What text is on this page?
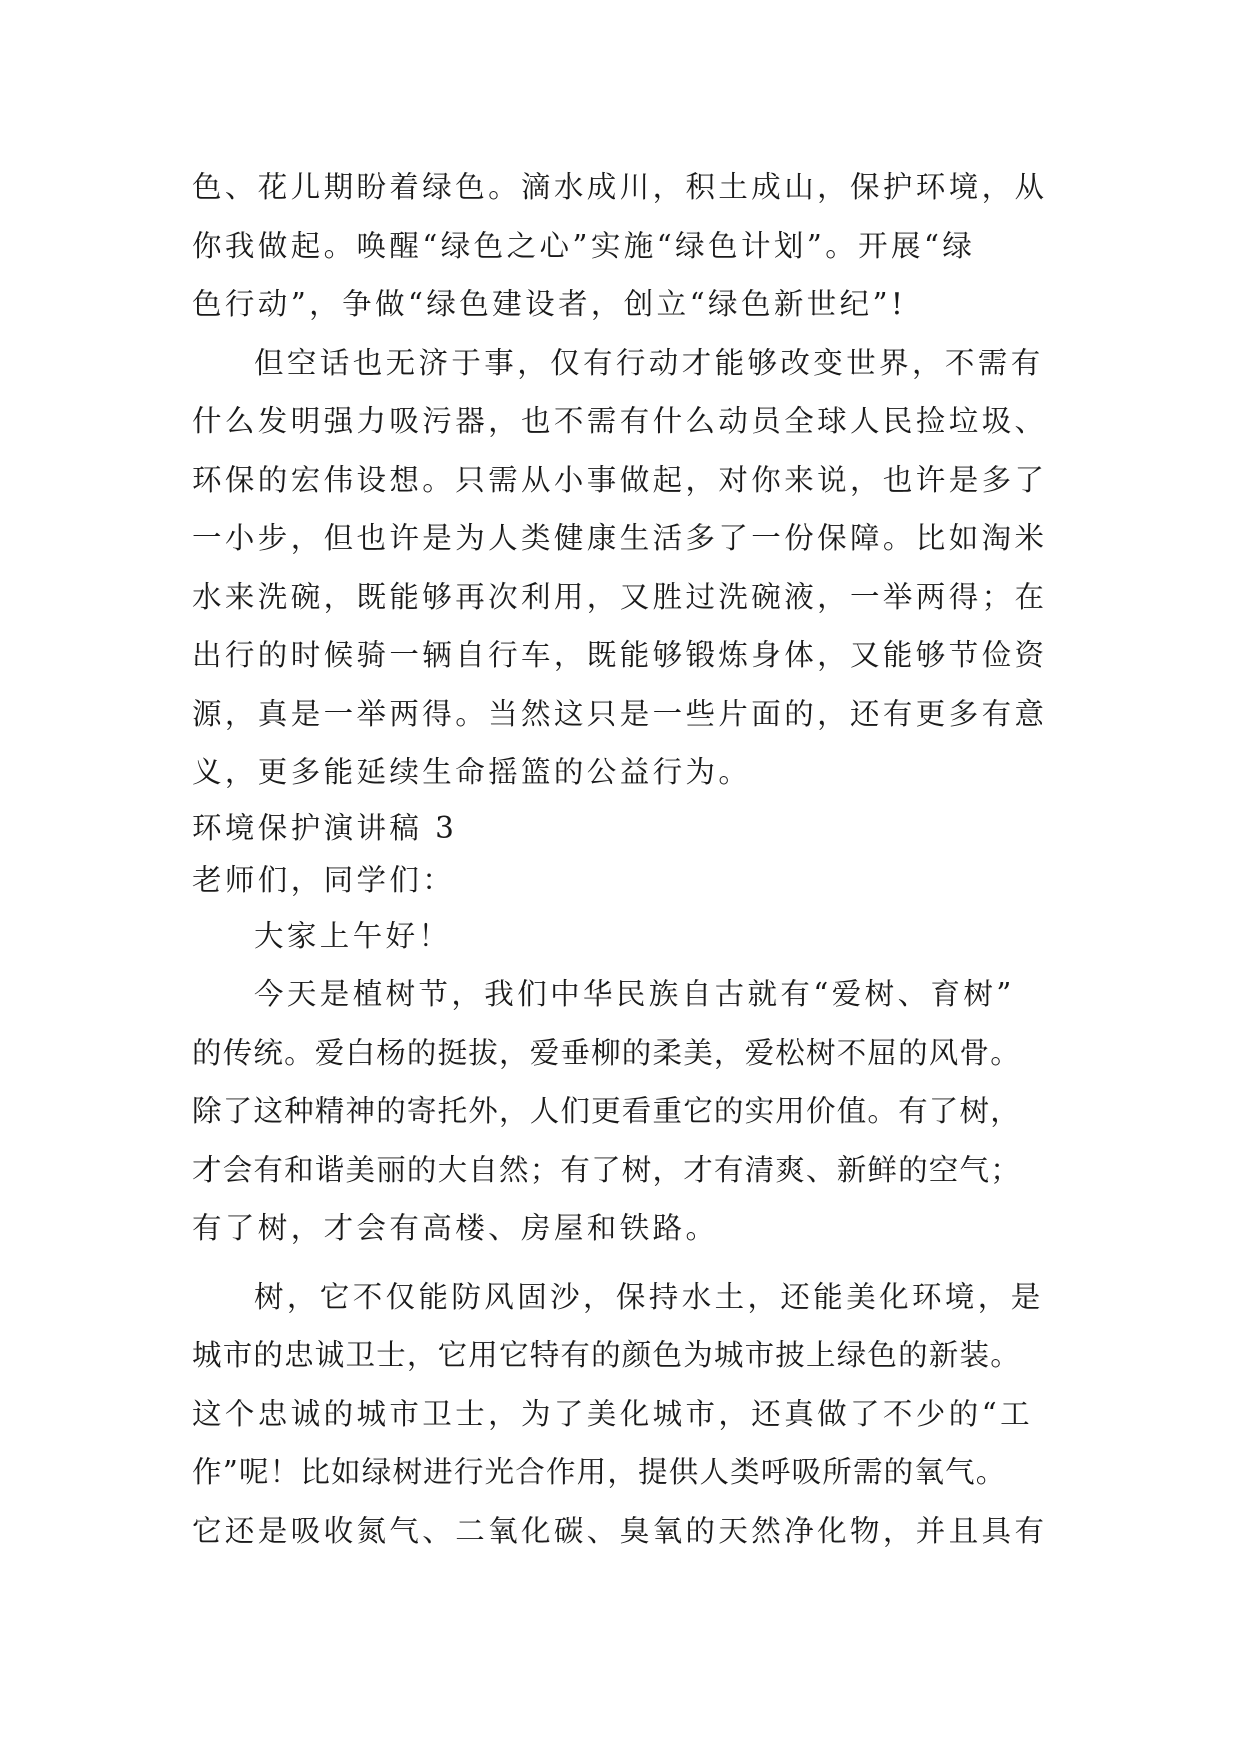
色、花儿期盼着绿色。滴水成川，积土成山，保护环境，从
你我做起。唤醒“绿色之心”实施“绿色计划”。开展“绿
色行动”，争做“绿色建设者，创立“绿色新世纪”!
但空话也无济于事，仅有行动才能够改变世界，不需有
什么发明强力吸污器，也不需有什么动员全球人民捡垃圾、
环保的宏伟设想。只需从小事做起，对你来说，也许是多了
一小步，但也许是为人类健康生活多了一份保障。比如淘米
水来洗碗，既能够再次利用，又胜过洗碗液，一举两得；在
出行的时候骑一辆自行车，既能够锻炼身体，又能够节俭资
源，真是一举两得。当然这只是一些片面的，还有更多有意
义，更多能延续生命摇篮的公益行为。
环境保护演讲稿 3
老师们，同学们：
大家上午好！
今天是植树节，我们中华民族自古就有“爱树、育树”
的传统。爱白杨的挺拔，爱垂柳的柔美，爱松树不屈的风骨。
除了这种精神的寄托外，人们更看重它的实用价值。有了树，
才会有和谐美丽的大自然；有了树，才有清爽、新鲜的空气；
有了树，才会有高楼、房屋和铁路。
树，它不仅能防风固沙，保持水土，还能美化环境，是
城市的忠诚卫士，它用它特有的颜色为城市披上绿色的新装。
这个忠诚的城市卫士，为了美化城市，还真做了不少的“工
作”呢！比如绿树进行光合作用，提供人类呼吸所需的氧气。
它还是吸收氮气、二氧化碳、臭氧的天然净化物，并且具有
